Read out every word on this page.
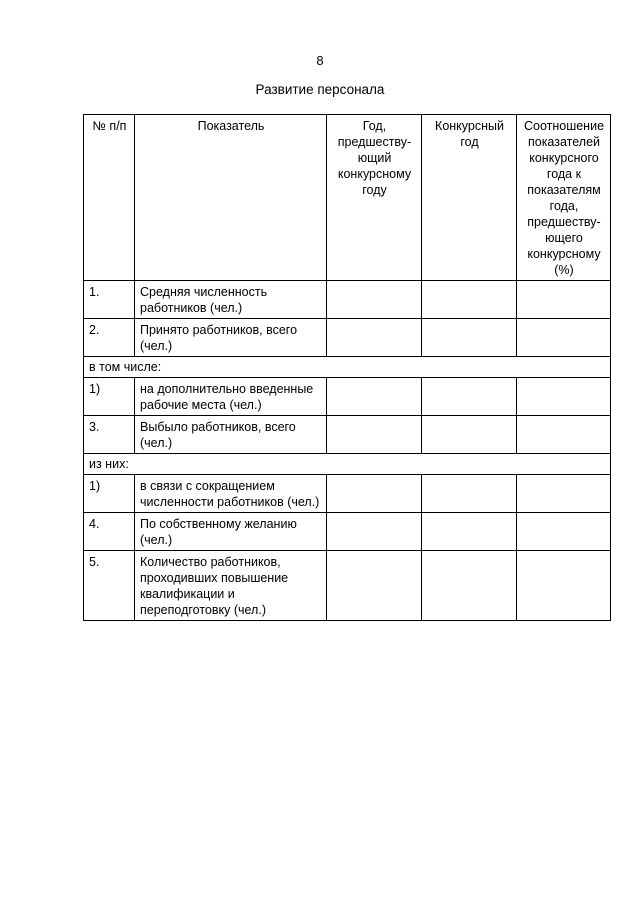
8
Развитие персонала
№ п/п	Показатель	Год, предшеству-ющий конкурсному году	Конкурсный год	Соотношение показателей конкурсного года к показателям года, предшеству-ющего конкурсному (%)
1.	Средняя численность работников (чел.)			
2.	Принято работников, всего (чел.)			
в том числе:				
1)	на дополнительно введенные рабочие места (чел.)			
3.	Выбыло работников, всего (чел.)			
из них:				
1)	в связи с сокращением численности работников (чел.)			
4.	По собственному желанию (чел.)			
5.	Количество работников, проходивших повышение квалификации и переподготовку (чел.)			
